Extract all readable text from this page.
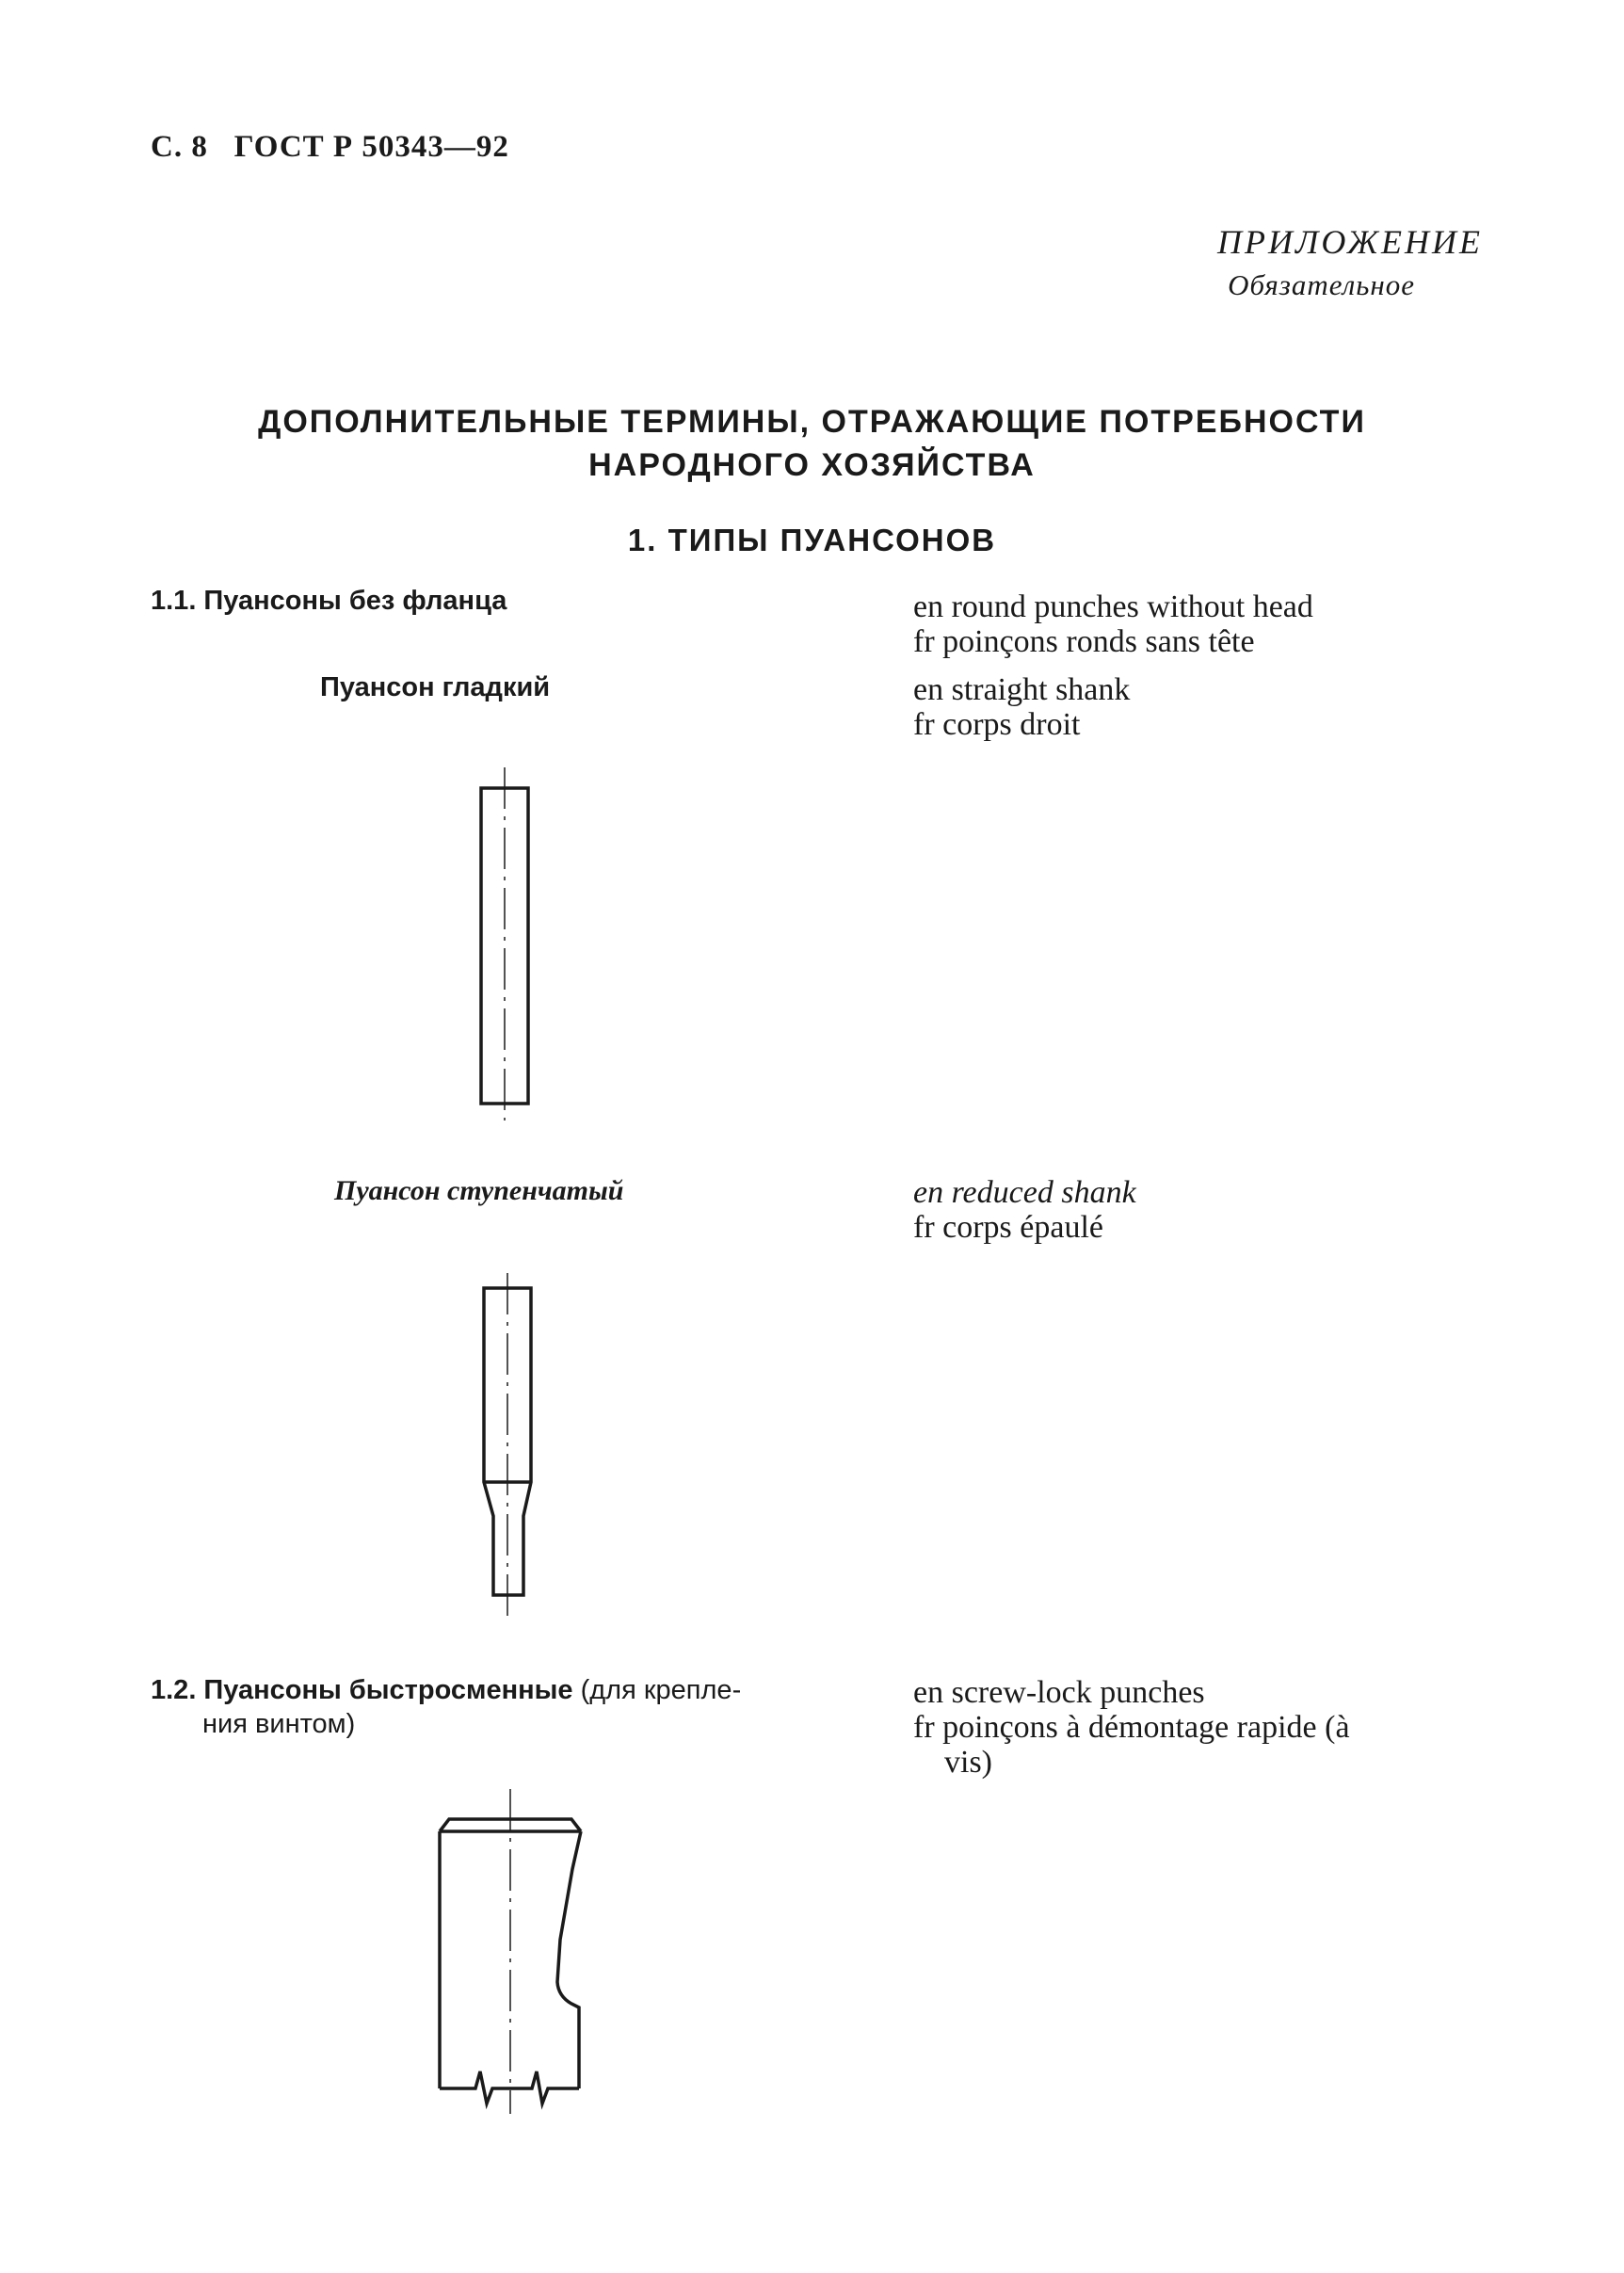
С. 8 ГОСТ Р 50343—92
ПРИЛОЖЕНИЕ
Обязательное
ДОПОЛНИТЕЛЬНЫЕ ТЕРМИНЫ, ОТРАЖАЮЩИЕ ПОТРЕБНОСТИ
НАРОДНОГО ХОЗЯЙСТВА
1. ТИПЫ ПУАНСОНОВ
1.1. Пуансоны без фланца	en round punches without head
fr poinçons ronds sans tête
Пуансон гладкий	en straight shank
fr corps droit
Пуансон ступенчатый	en reduced shank
fr corps épaulé
1.2. Пуансоны быстросменные (для крепле-
ния винтом)
en screw-lock punches
fr poinçons à démontage rapide (à
vis)
